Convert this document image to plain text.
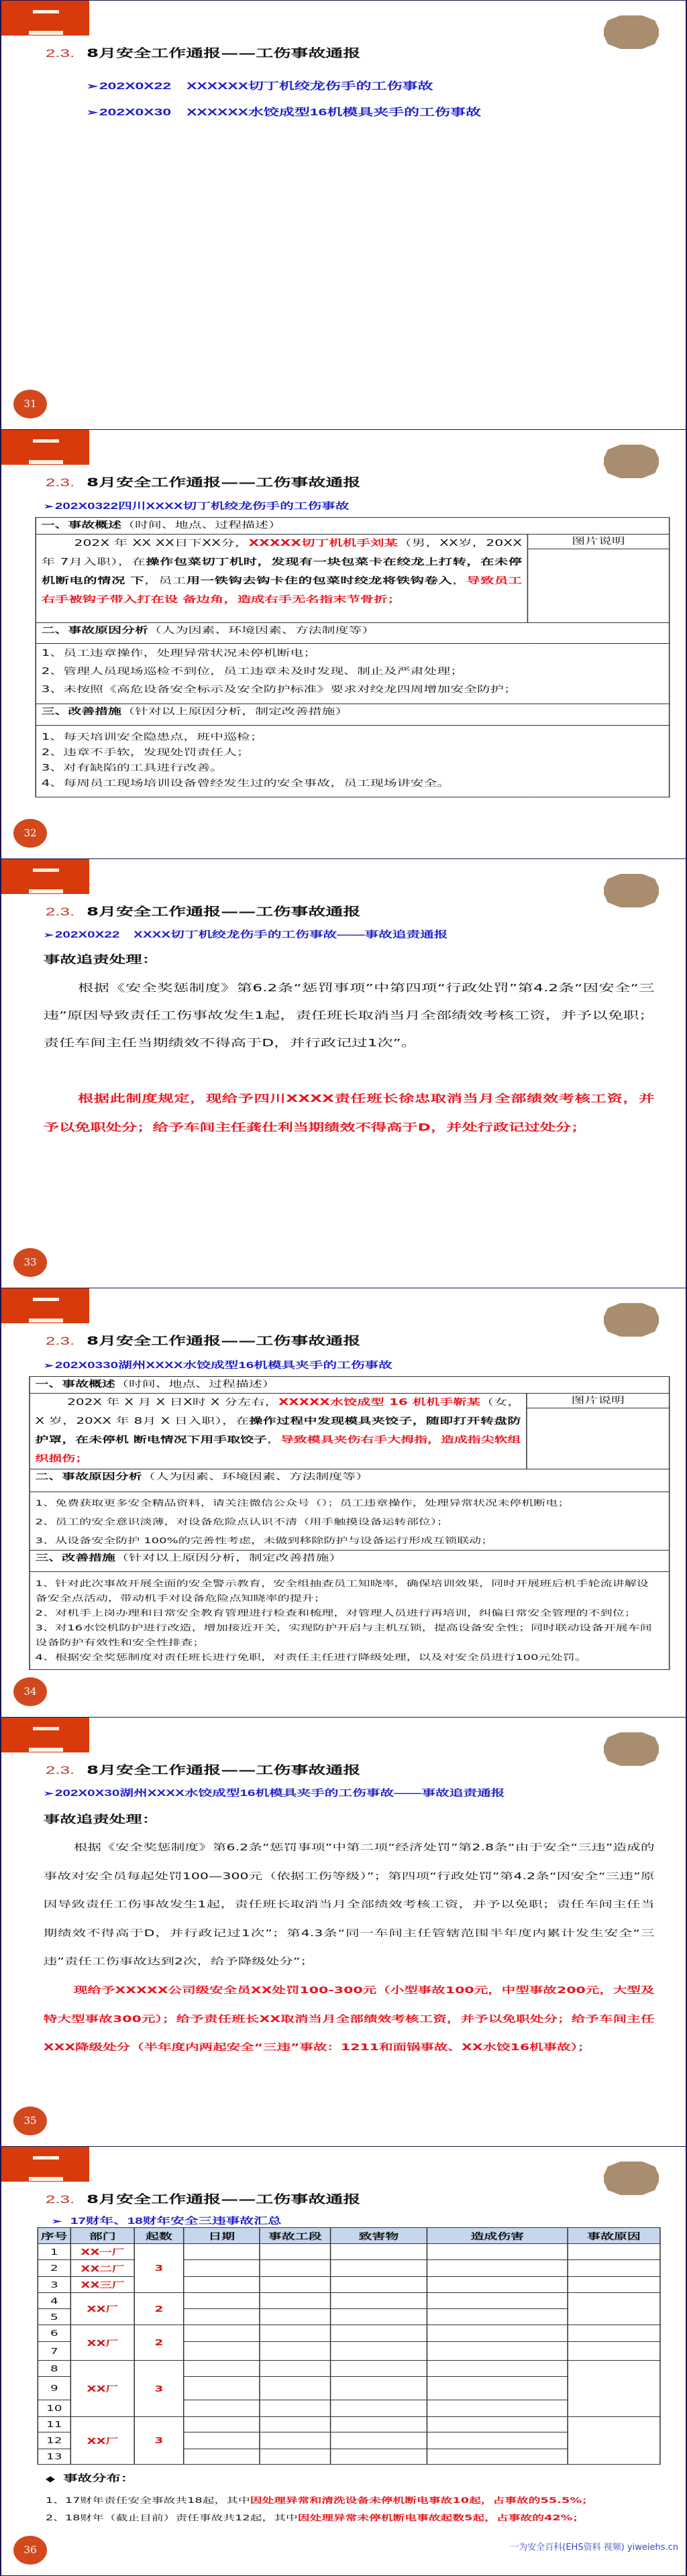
31
2.3. 8月安全工作通报——工伤事故通报
➢ 202X0X22　XXXXXX切丁机绞龙伤手的工伤事故
➢ 202X0X30　XXXXXX水饺成型16机模具夹手的工伤事故
32
2.3. 8月安全工作通报——工伤事故通报
➢ 202X0322四川XXXX切丁机绞龙伤手的工伤事故
一、事故概述（时间、地点、过程描述）

202X 年 XX XX日下XX分，XXXXX切丁机机手刘某（男，XX岁，20XX年 7月入职），在操作包菜切丁机时，发现有一块包菜卡在绞龙上打转，在未停机断电的情况 下，员工用一铁钩去钩卡住的包菜时绞龙将铁钩卷入，导致员工右手被钩子带入打在设 备边角，造成右手无名指末节骨折；

图片说明

二、事故原因分析（人为因素、环境因素、方法制度等）

1、员工违章操作，处理异常状况未停机断电；
2、管理人员现场巡检不到位，员工违章未及时发现、制止及严肃处理；
3、未按照《高危设备安全标示及安全防护标准》要求对绞龙四周增加安全防护；

三、改善措施（针对以上原因分析，制定改善措施）

1、每天培训安全隐患点，班中巡检；
2、违章不手软，发现处罚责任人；
3、对有缺陷的工具进行改善。
4、每周员工现场培训设备曾经发生过的安全事故，员工现场讲安全。
33
2.3. 8月安全工作通报——工伤事故通报
➢ 202X0X22　XXXX切丁机绞龙伤手的工伤事故——事故追责通报
事故追责处理：

根据《安全奖惩制度》第6.2条“惩罚事项”中第四项“行政处罚”第4.2条“因安全“三违”原因导致责任工伤事故发生1起，责任班长取消当月全部绩效考核工资，并予以免职；责任车间主任当期绩效不得高于D，并行政记过1次”。

根据此制度规定，现给予四川XXXX责任班长徐忠取消当月全部绩效考核工资，并予以免职处分；给予车间主任龚仕利当期绩效不得高于D，并处行政记过处分；

34
2.3. 8月安全工作通报——工伤事故通报
➢ 202X0330湖州XXXX水饺成型16机模具夹手的工伤事故
一、事故概述（时间、地点、过程描述）

202X 年 X 月 X 日X时 X 分左右，XXXXX水饺成型 16 机机手靳某（女，X 岁，20XX 年 8月 X 日入职），在操作过程中发现模具夹饺子，随即打开转盘防护罩，在未停机 断电情况下用手取饺子，导致模具夹伤右手大拇指，造成指尖软组织损伤；

图片说明

二、事故原因分析（人为因素、环境因素、方法制度等）

1、免费获取更多安全精品资料，请关注微信公众号（）；员工违章操作，处理异常状况未停机断电；
2、员工的安全意识淡薄，对设备危险点认识不清（用手触摸设备运转部位）；
3、从设备安全防护 100%的完善性考虑，未做到移除防护与设备运行形成互锁联动；

三、改善措施（针对以上原因分析，制定改善措施）

1、针对此次事故开展全面的安全警示教育，安全组抽查员工知晓率，确保培训效果，同时开展班后机手轮流讲解设
备安全点活动，带动机手对设备危险点知晓率的提升；
2、对机手上岗办理和日常安全教育管理进行检查和梳理，对管理人员进行再培训，纠偏日常安全管理的不到位；
3、对16水饺机防护进行改造，增加接近开关，实现防护开启与主机互锁，提高设备安全性；同时联动设备开展车间
设备防护有效性和安全性排查；
4、根据安全奖惩制度对责任班长进行免职，对责任主任进行降级处理，以及对安全员进行100元处罚。
35
2.3. 8月安全工作通报——工伤事故通报
➢ 202X0X30湖州XXXX水饺成型16机模具夹手的工伤事故——事故追责通报
事故追责处理：

根据《安全奖惩制度》第6.2条“惩罚事项”中第二项“经济处罚”第2.8条“由于安全“三违”造成的事故对安全员每起处罚100—300元（依据工伤等级）”；第四项“行政处罚”第4.2条“因安全“三违”原因导致责任工伤事故发生1起，责任班长取消当月全部绩效考核工资，并予以免职；责任车间主任当期绩效不得高于D，并行政记过1次”；第4.3条“同一车间主任管辖范围半年度内累计发生安全“三违”责任工伤事故达到2次，给予降级处分”；

现给予XXXXX公司级安全员XX处罚100-300元（小型事故100元，中型事故200元，大型及特大型事故300元）；给予责任班长XX取消当月全部绩效考核工资，并予以免职处分；给予车间主任XXX降级处分（半年度内两起安全“三违”事故：1211和面锅事故、XX水饺16机事故）；

36
2.3. 8月安全工作通报——工伤事故通报
➢ 17财年、18财年安全三违事故汇总
序号	部门	起数	日期	事故工段	致害物	造成伤害	事故原因
1	XX一厂	3					
2	XX二厂						
3	XX三厂						
4	XX厂	2					
5							
6	XX厂	2					
7							
8	XX厂	3					
9							
10							
11	XX厂	3					
12							
13							
◆ 事故分布：
1、17财年责任安全事故共18起，其中因处理异常和清洗设备未停机断电事故10起，占事故的55.5%；
2、18财年（截止目前）责任事故共12起，其中因处理异常未停机断电事故起数5起，占事故的42%；
一为安全百科(EHS资料 视频) yiweiehs.cn
